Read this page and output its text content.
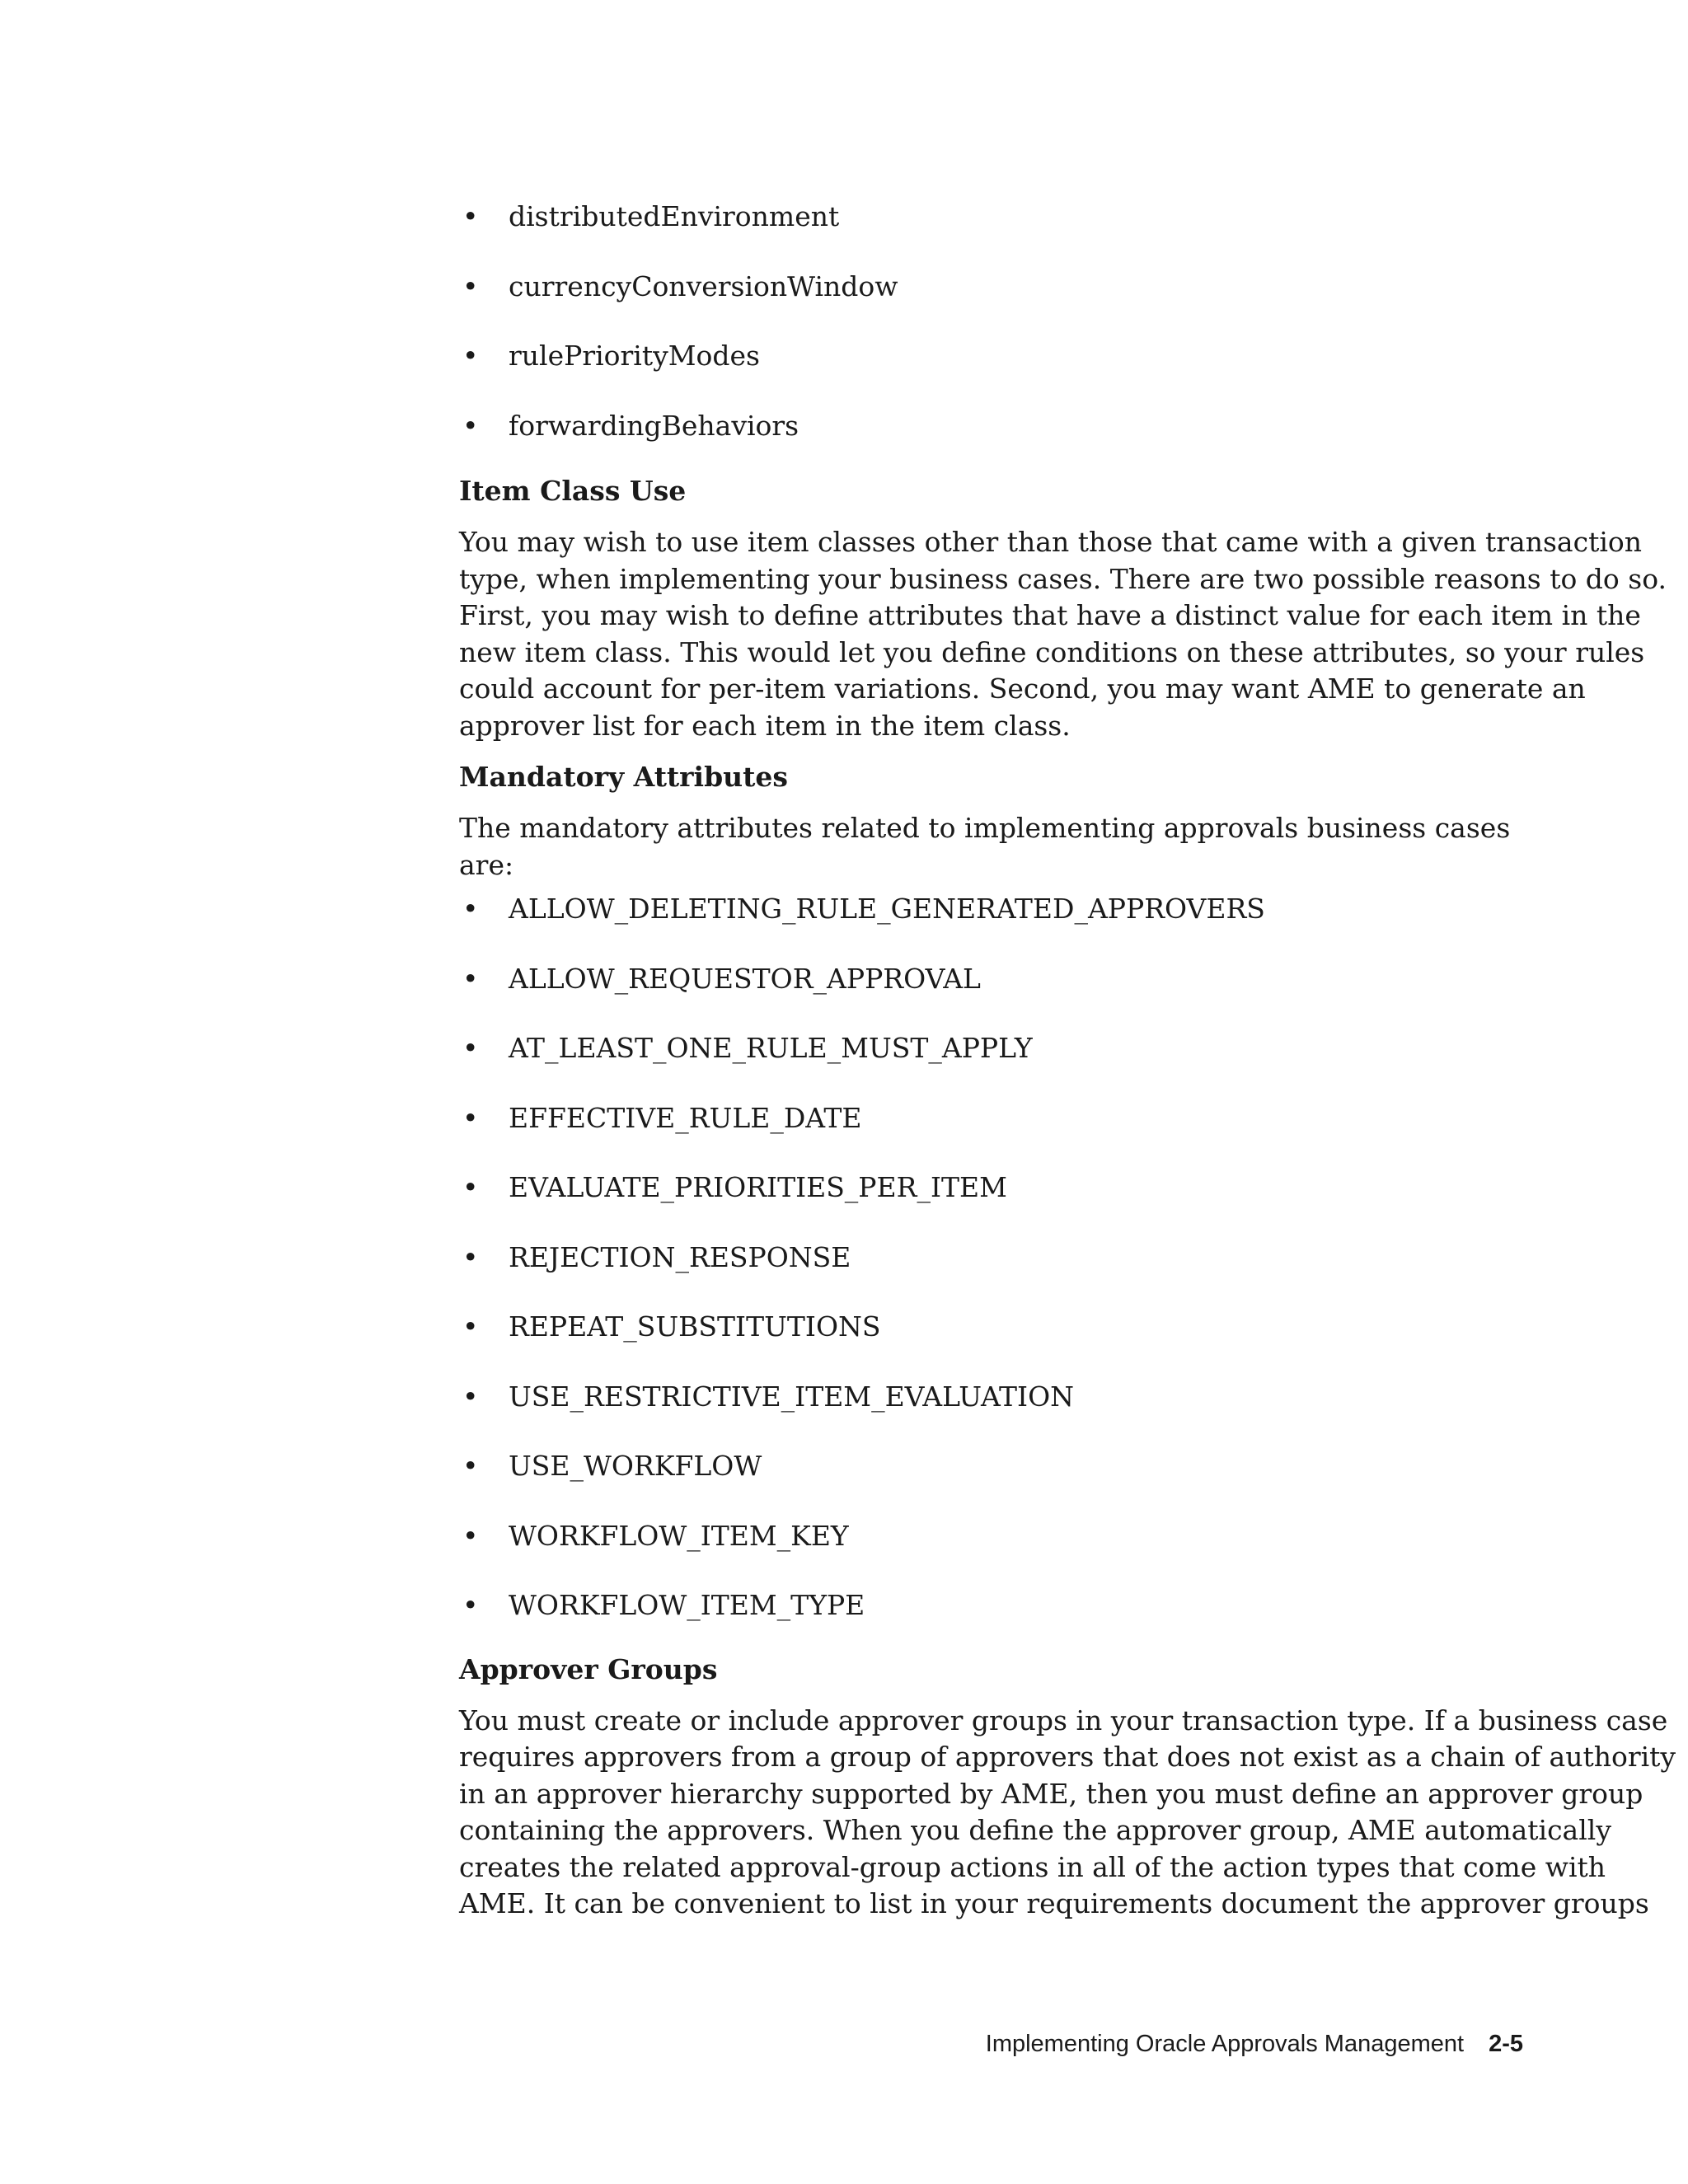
• distributedEnvironment
• currencyConversionWindow
• rulePriorityModes
• forwardingBehaviors
Item Class Use

You may wish to use item classes other than those that came with a given transaction
type, when implementing your business cases. There are two possible reasons to do so.
First, you may wish to define attributes that have a distinct value for each item in the
new item class. This would let you define conditions on these attributes, so your rules
could account for per-item variations. Second, you may want AME to generate an
approver list for each item in the item class.

Mandatory Attributes

The mandatory attributes related to implementing approvals business cases are:

• ALLOW_DELETING_RULE_GENERATED_APPROVERS
• ALLOW_REQUESTOR_APPROVAL
• AT_LEAST_ONE_RULE_MUST_APPLY
• EFFECTIVE_RULE_DATE
• EVALUATE_PRIORITIES_PER_ITEM
• REJECTION_RESPONSE
• REPEAT_SUBSTITUTIONS
• USE_RESTRICTIVE_ITEM_EVALUATION
• USE_WORKFLOW
• WORKFLOW_ITEM_KEY
• WORKFLOW_ITEM_TYPE
Approver Groups

You must create or include approver groups in your transaction type. If a business case
requires approvers from a group of approvers that does not exist as a chain of authority
in an approver hierarchy supported by AME, then you must define an approver group
containing the approvers. When you define the approver group, AME automatically
creates the related approval-group actions in all of the action types that come with
AME. It can be convenient to list in your requirements document the approver groups

Implementing Oracle Approvals Management 2-5
